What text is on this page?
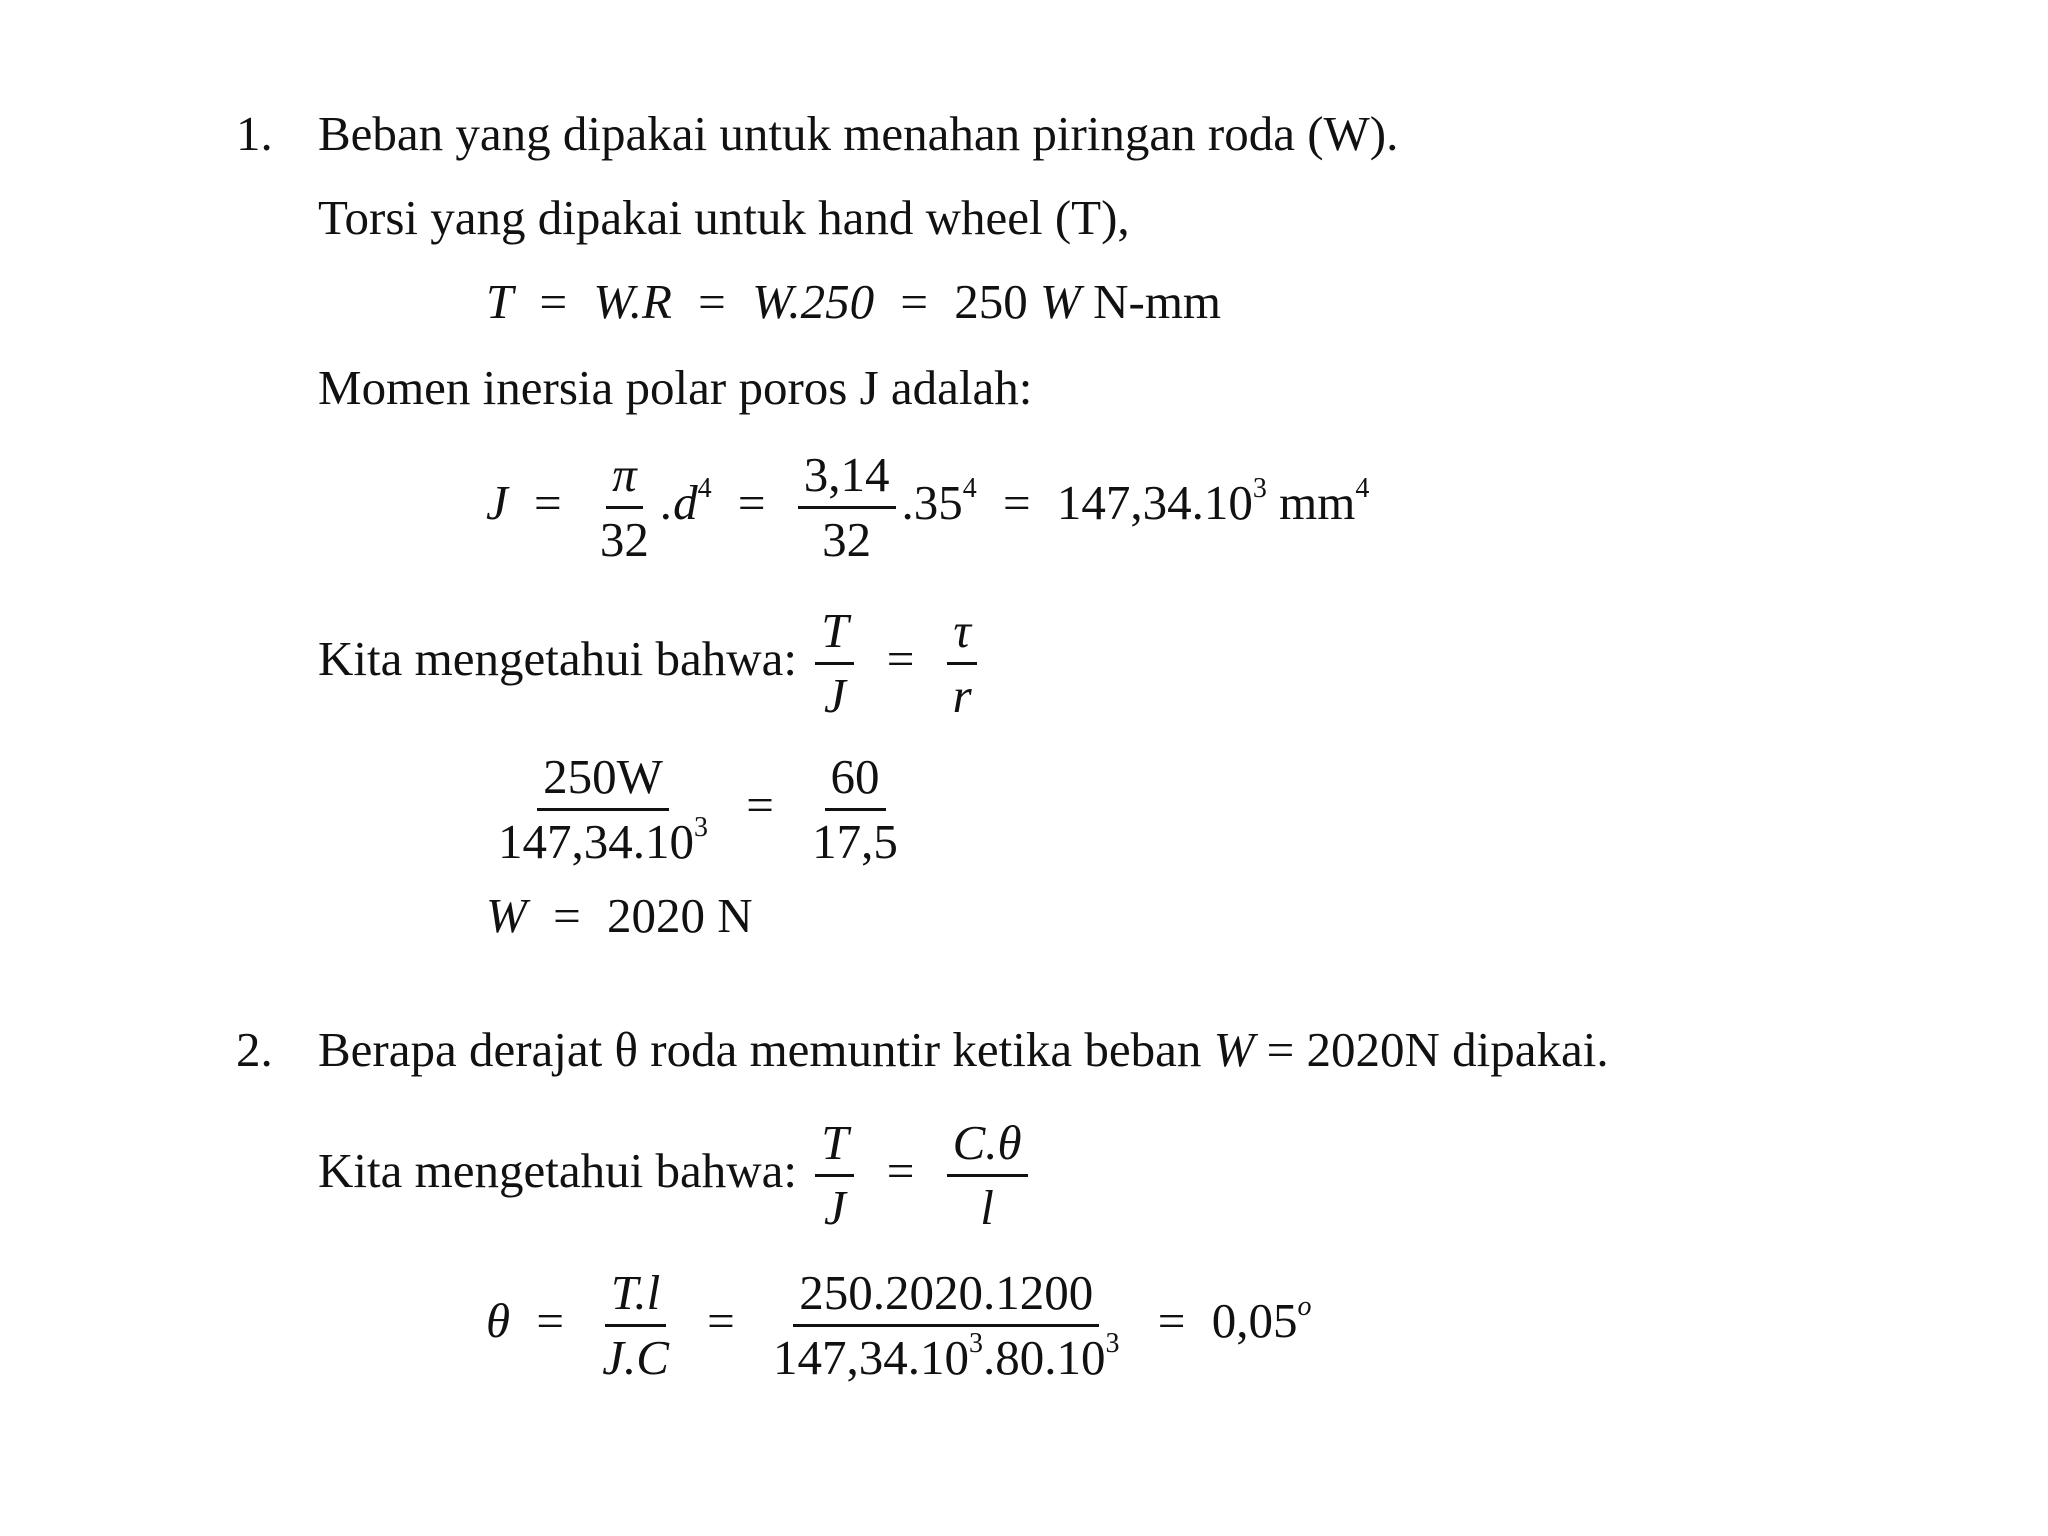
1. Beban yang dipakai untuk menahan piringan roda (W).
Torsi yang dipakai untuk hand wheel (T),
T = W.R = W.250 = 250 W N-mm
Momen inersia polar poros J adalah:
$J = \frac{\pi}{32} .d^4 = \frac{3,14}{32} .35^4 = 147,34.10^3$ $mm^4$
Kita mengetahui bahwa: $\frac{T}{J} = \frac{\tau}{r}$
$\frac{250W}{147,34.10^3} = \frac{60}{17,5}$
W = 2020 N
2. Berapa derajat θ roda memuntir ketika beban W = 2020N dipakai.
Kita mengetahui bahwa: $\frac{T}{J} = \frac{C.\theta}{l}$
$\theta = \frac{T.l}{J.C} = \frac{250.2020.1200}{147,34.10^3.80.10^3} = 0,05^o$
